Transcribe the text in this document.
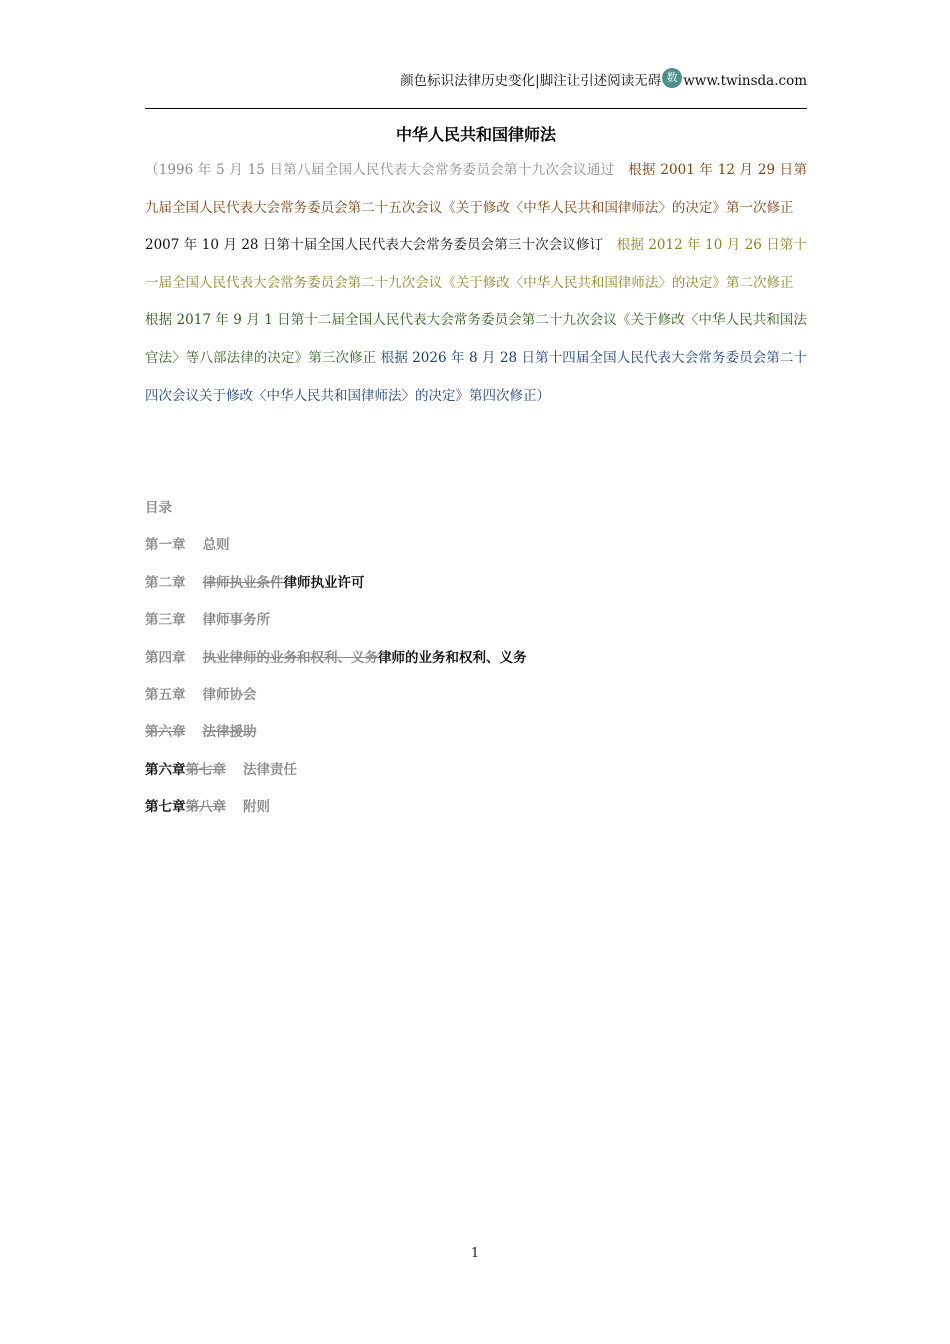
颜色标识法律历史变化|脚注让引述阅读无碍 数 www.twinsda.com
中华人民共和国律师法
（1996 年 5 月 15 日第八届全国人民代表大会常务委员会第十九次会议通过  根据 2001 年 12 月 29 日第九届全国人民代表大会常务委员会第二十五次会议《关于修改〈中华人民共和国律师法〉的决定》第一次修正 2007 年 10 月 28 日第十届全国人民代表大会常务委员会第三十次会议修订  根据 2012 年 10 月 26 日第十一届全国人民代表大会常务委员会第二十九次会议《关于修改〈中华人民共和国律师法〉的决定》第二次修正 根据 2017 年 9 月 1 日第十二届全国人民代表大会常务委员会第二十九次会议《关于修改〈中华人民共和国法官法〉等八部法律的决定》第三次修正 根据 2026 年 8 月 28 日第十四届全国人民代表大会常务委员会第二十四次会议关于修改〈中华人民共和国律师法〉的决定》第四次修正）
目录
第一章 总则
第二章 律师执业条件律师执业许可
第三章 律师事务所
第四章 执业律师的业务和权利、义务律师的业务和权利、义务
第五章 律师协会
第六章 法律援助
第六章第七章 法律责任
第七章第八章 附则
1
